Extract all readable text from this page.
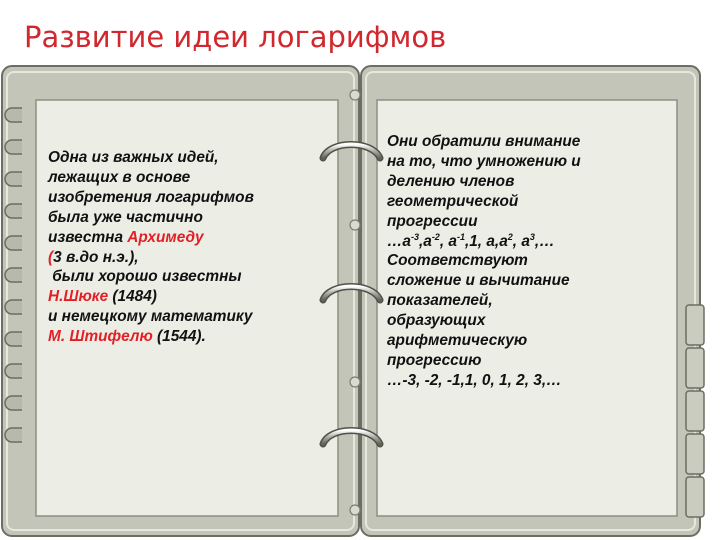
Развитие идеи логарифмов
Одна из важных идей,
лежащих в основе
изобретения логарифмов
была уже частично
известна Архимеду
(3 в.до н.э.),
были хорошо известны
Н.Шюке (1484)
и немецкому математику
М. Штифелю (1544).
Они обратили внимание
на то, что умножению и
делению членов
геометрической
прогрессии
$\dots a^{-3},a^{-2}$, $a^{-1},1$, $a,a^2$, $a^3,\dots$
Соответствуют
сложение и вычитание
показателей,
образующих
арифметическую
прогрессию
…-3, -2, -1,1, 0, 1, 2, 3,…
